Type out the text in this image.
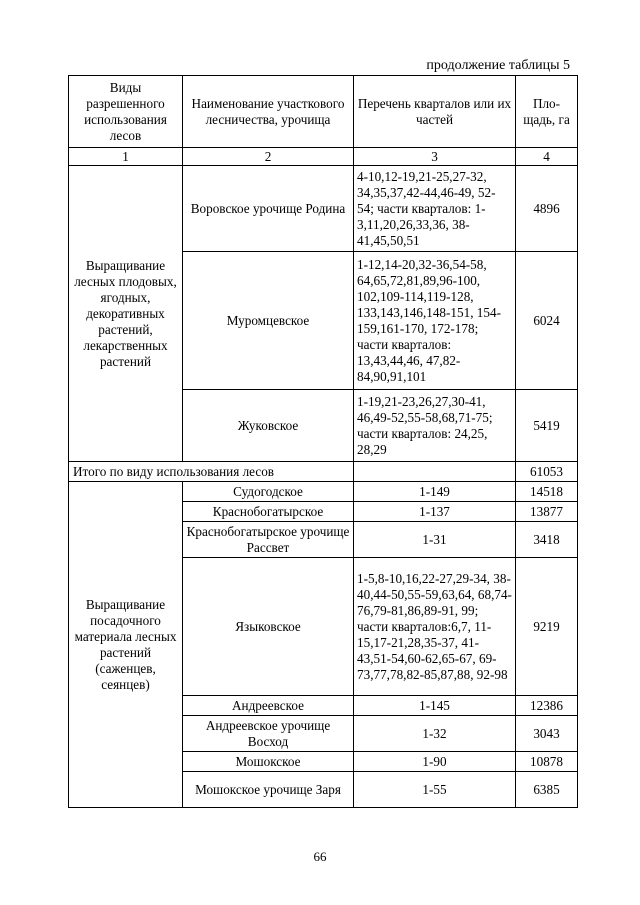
продолжение таблицы 5
Виды разрешенного использования лесов	Наименование участкового лесничества, урочища	Перечень кварталов или их частей	Пло-щадь, га
1	2	3	4
Выращивание лесных плодовых, ягодных, декоративных растений, лекарственных растений	Воровское урочище Родина	4-10,12-19,21-25,27-32, 34,35,37,42-44,46-49, 52-54; части кварталов: 1-3,11,20,26,33,36, 38-41,45,50,51	4896
	Муромцевское	1-12,14-20,32-36,54-58, 64,65,72,81,89,96-100, 102,109-114,119-128, 133,143,146,148-151, 154-159,161-170, 172-178; части кварталов: 13,43,44,46, 47,82-84,90,91,101	6024
	Жуковское	1-19,21-23,26,27,30-41, 46,49-52,55-58,68,71-75; части кварталов: 24,25, 28,29	5419
Итого по виду использования лесов			61053
Выращивание посадочного материала лесных растений (саженцев, сеянцев)	Судогодское	1-149	14518
	Краснобогатырское	1-137	13877
	Краснобогатырское урочище Рассвет	1-31	3418
	Языковское	1-5,8-10,16,22-27,29-34, 38-40,44-50,55-59,63,64, 68,74-76,79-81,86,89-91, 99; части кварталов:6,7, 11-15,17-21,28,35-37, 41-43,51-54,60-62,65-67, 69-73,77,78,82-85,87,88, 92-98	9219
	Андреевское	1-145	12386
	Андреевское урочище Восход	1-32	3043
	Мошокское	1-90	10878
	Мошокское урочище Заря	1-55	6385
66
